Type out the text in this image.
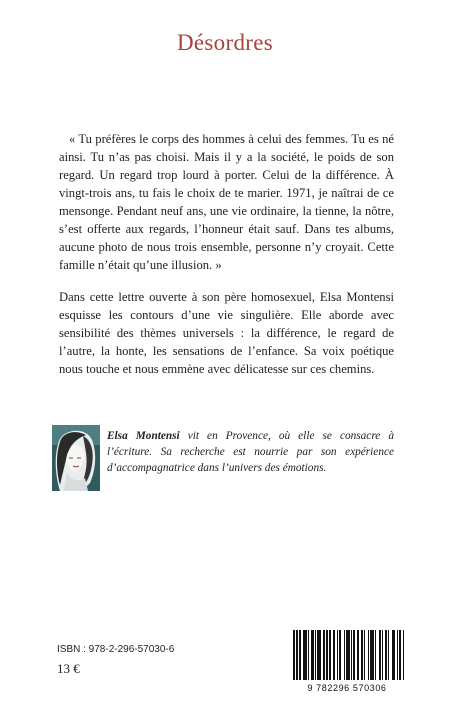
Désordres

« Tu préfères le corps des hommes à celui des femmes. Tu es né ainsi. Tu n’as pas choisi. Mais il y a la société, le poids de son regard. Un regard trop lourd à porter. Celui de la différence. À vingt-trois ans, tu fais le choix de te marier. 1971, je naîtrai de ce mensonge. Pendant neuf ans, une vie ordinaire, la tienne, la nôtre, s’est offerte aux regards, l’honneur était sauf. Dans tes albums, aucune photo de nous trois ensemble, personne n’y croyait. Cette famille n’était qu’une illusion. »

Dans cette lettre ouverte à son père homosexuel, Elsa Montensi esquisse les contours d’une vie singulière. Elle aborde avec sensibilité des thèmes universels : la différence, le regard de l’autre, la honte, les sensations de l’enfance. Sa voix poétique nous touche et nous emmène avec délicatesse sur ces chemins.

Elsa Montensi vit en Provence, où elle se consacre à l’écriture. Sa recherche est nourrie par son expérience d’accompagnatrice dans l’univers des émotions.

ISBN : 978-2-296-57030-6
13 €
9 782296 570306
